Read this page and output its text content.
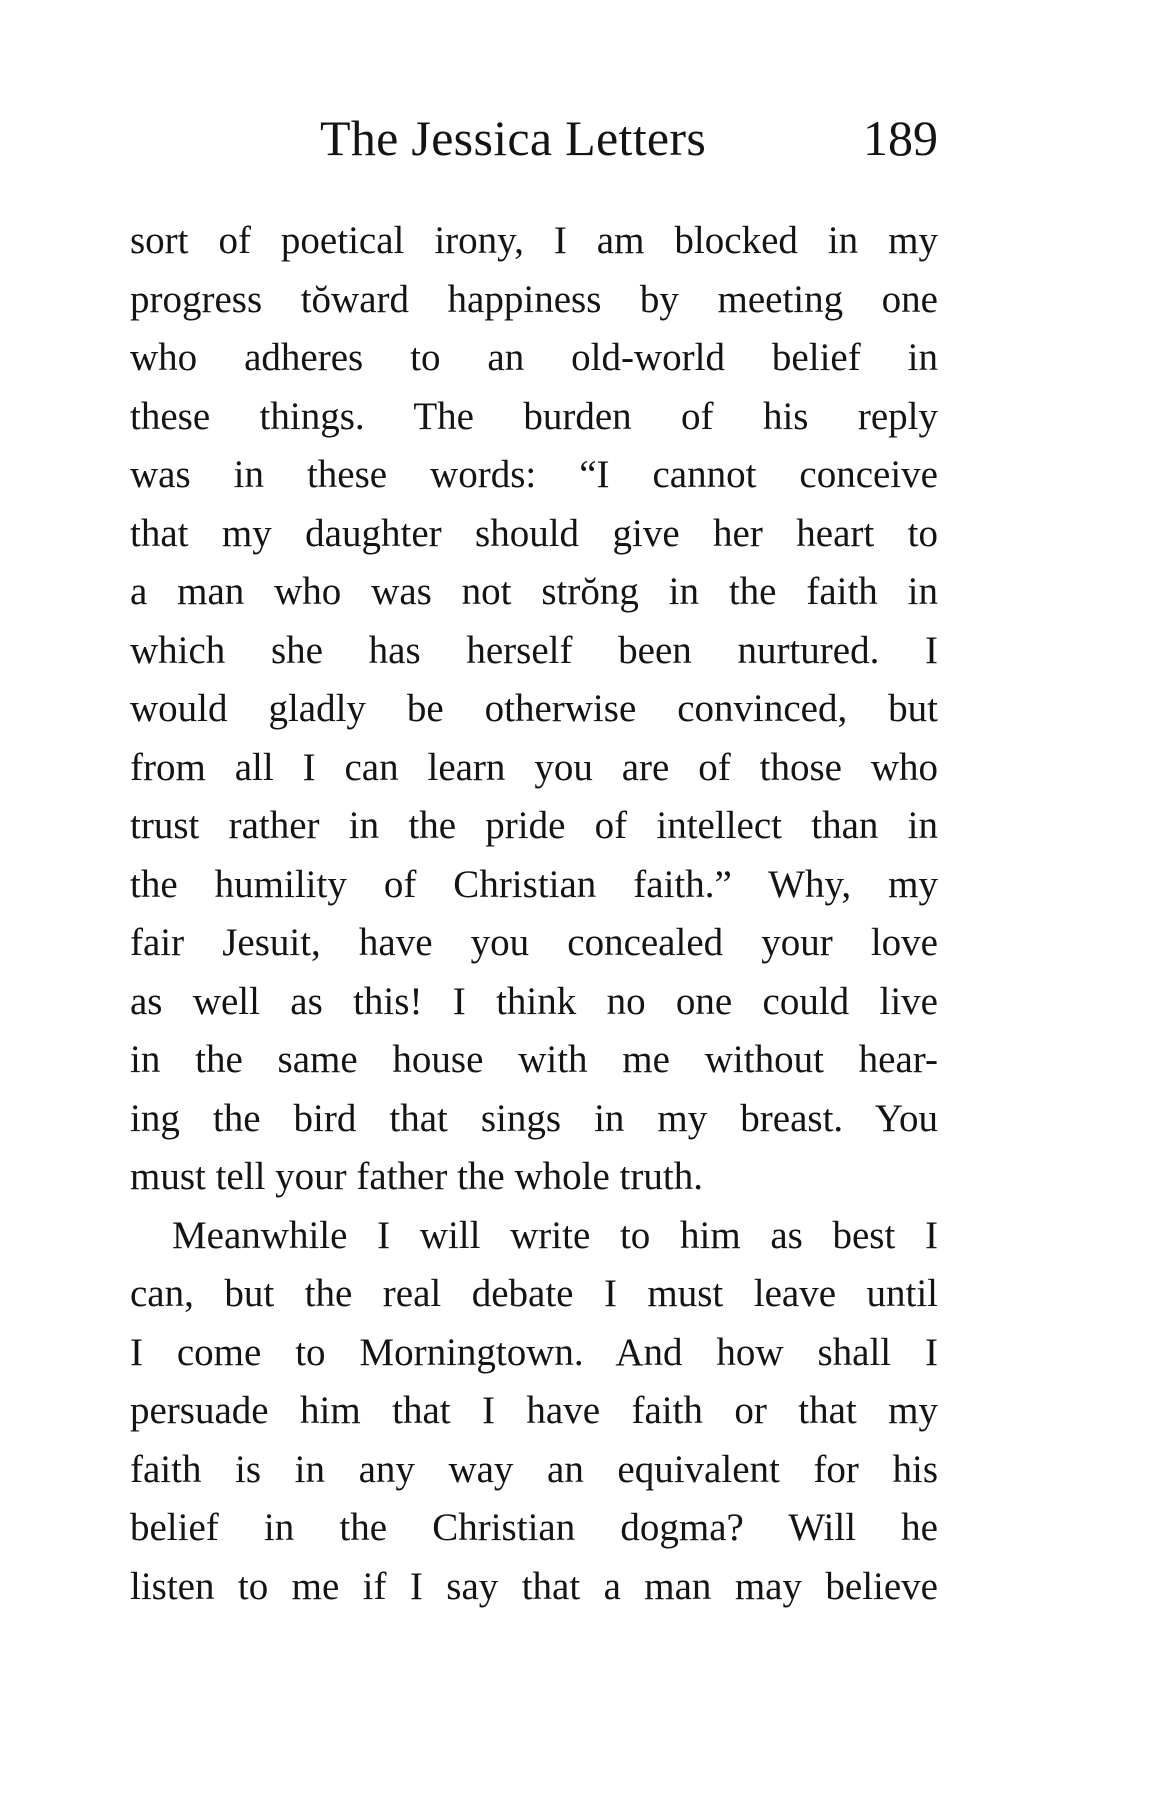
The Jessica Letters	189
sort of poetical irony, I am blocked in my
progress tŏward happiness by meeting one
who adheres to an old-world belief in
these things. The burden of his reply
was in these words: “I cannot conceive
that my daughter should give her heart to
a man who was not strŏng in the faith in
which she has herself been nurtured. I
would gladly be otherwise convinced, but
from all I can learn you are of those who
trust rather in the pride of intellect than in
the humility of Christian faith.” Why, my
fair Jesuit, have you concealed your love
as well as this! I think no one could live
in the same house with me without hear-
ing the bird that sings in my breast. You
must tell your father the whole truth.
Meanwhile I will write to him as best I
can, but the real debate I must leave until
I come to Morningtown. And how shall I
persuade him that I have faith or that my
faith is in any way an equivalent for his
belief in the Christian dogma? Will he
listen to me if I say that a man may believe
